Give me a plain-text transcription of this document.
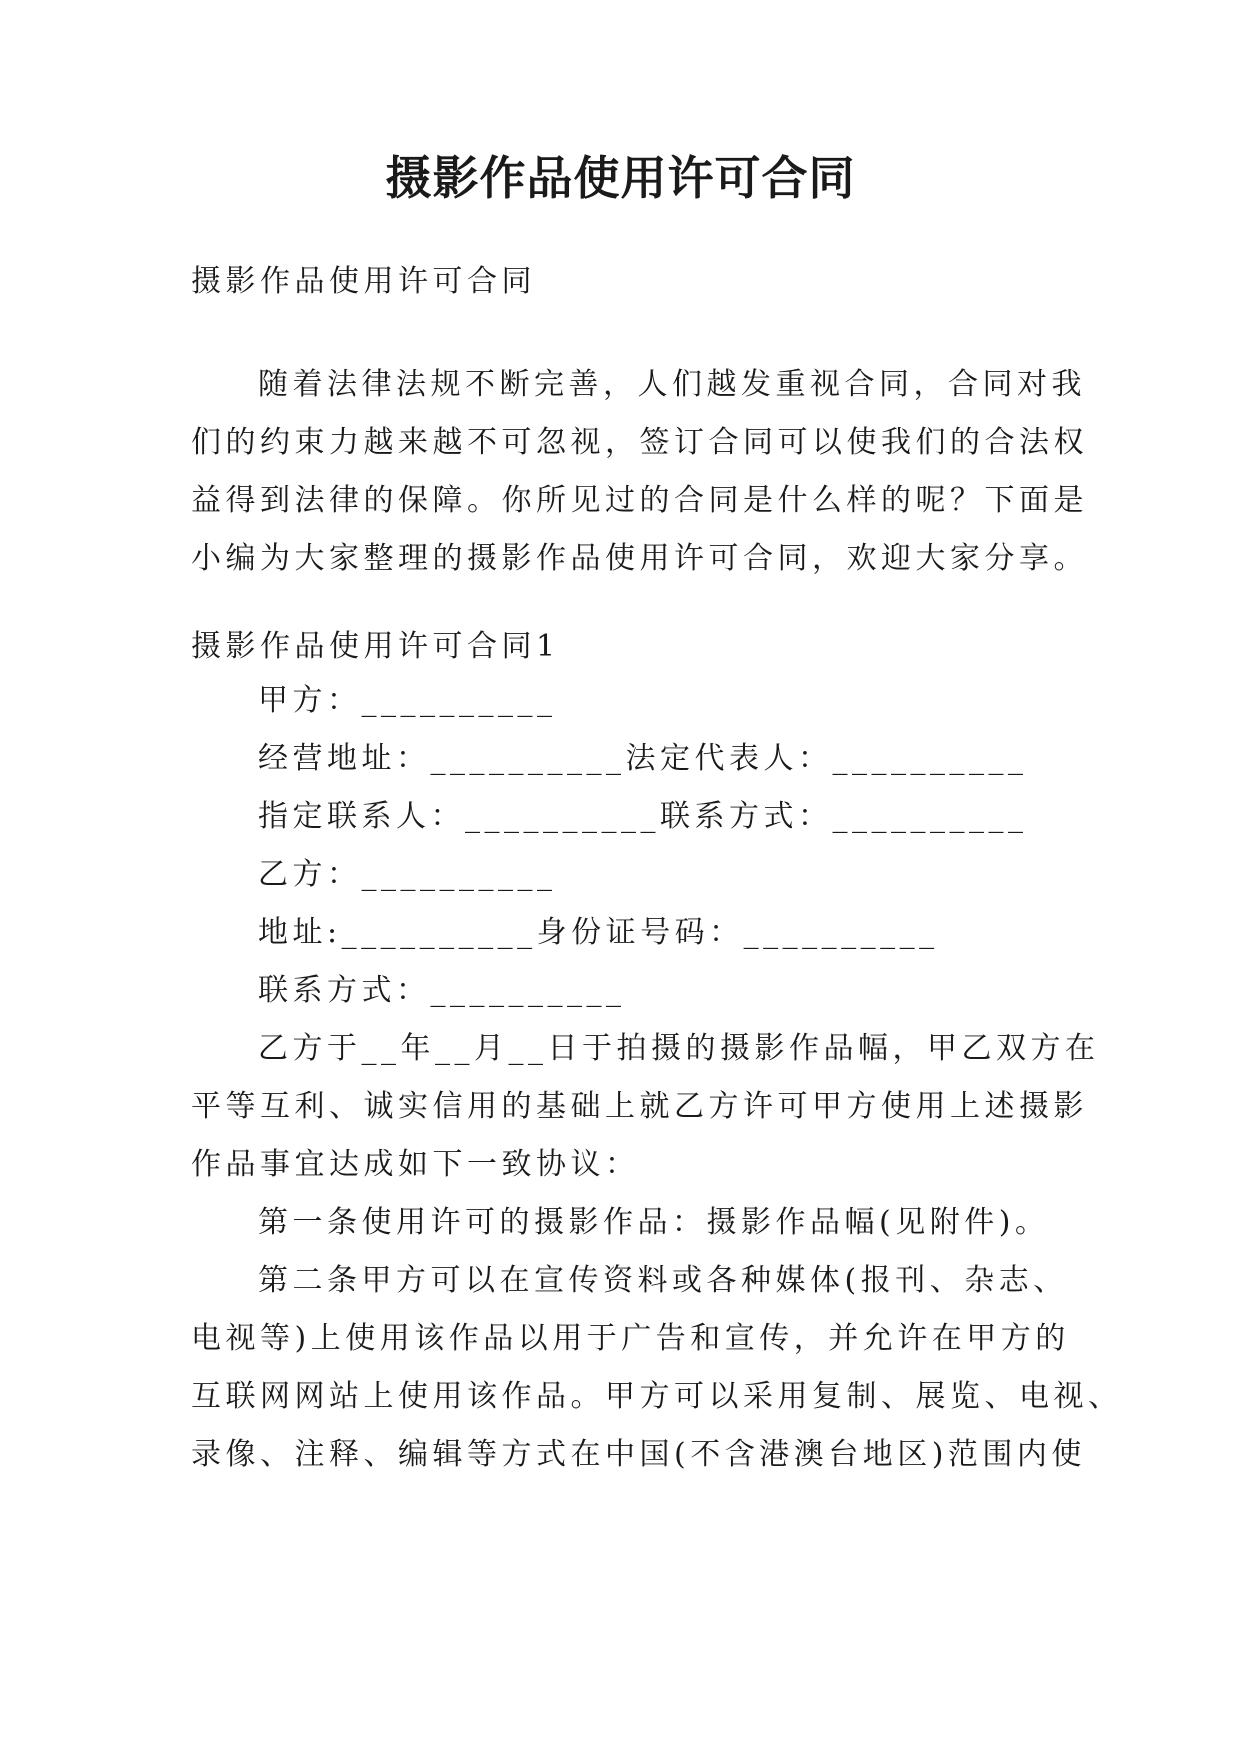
摄影作品使用许可合同

摄影作品使用许可合同

随着法律法规不断完善，人们越发重视合同，合同对我
们的约束力越来越不可忽视，签订合同可以使我们的合法权
益得到法律的保障。你所见过的合同是什么样的呢？下面是
小编为大家整理的摄影作品使用许可合同，欢迎大家分享。

摄影作品使用许可合同1

甲方：__________
经营地址：__________法定代表人：__________
指定联系人：__________联系方式：__________
乙方：__________
地址:__________身份证号码：__________
联系方式：__________
乙方于__年__月__日于拍摄的摄影作品幅，甲乙双方在
平等互利、诚实信用的基础上就乙方许可甲方使用上述摄影
作品事宜达成如下一致协议：
第一条使用许可的摄影作品：摄影作品幅(见附件)。
第二条甲方可以在宣传资料或各种媒体(报刊、杂志、
电视等)上使用该作品以用于广告和宣传，并允许在甲方的
互联网网站上使用该作品。甲方可以采用复制、展览、电视、
录像、注释、编辑等方式在中国(不含港澳台地区)范围内使
